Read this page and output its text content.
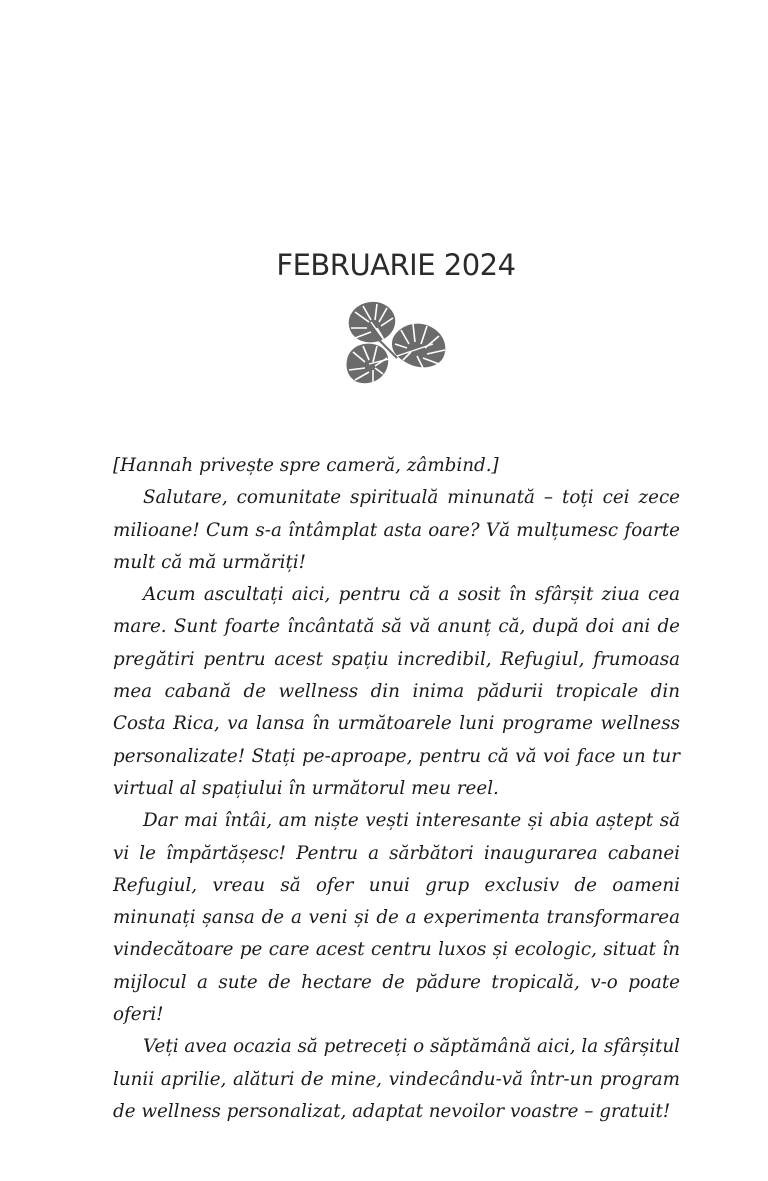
FEBRUARIE 2024

[Hannah privește spre cameră, zâmbind.]

Salutare, comunitate spirituală minunată – toți cei zece milioane! Cum s-a întâmplat asta oare? Vă mulțumesc foarte mult că mă urmăriți!

Acum ascultați aici, pentru că a sosit în sfârșit ziua cea mare. Sunt foarte încântată să vă anunț că, după doi ani de pregătiri pentru acest spațiu incredibil, Refugiul, frumoasa mea cabană de wellness din inima pădurii tropicale din Costa Rica, va lansa în următoarele luni programe wellness personalizate! Stați pe-aproape, pentru că vă voi face un tur virtual al spațiului în următorul meu reel.

Dar mai întâi, am niște vești interesante și abia aștept să vi le împărtășesc! Pentru a sărbători inaugurarea cabanei Refugiul, vreau să ofer unui grup exclusiv de oameni minunați șansa de a veni și de a experimenta transformarea vindecătoare pe care acest centru luxos și ecologic, situat în mijlocul a sute de hectare de pădure tropicală, v-o poate oferi!

Veți avea ocazia să petreceți o săptămână aici, la sfârșitul lunii aprilie, alături de mine, vindecându-vă într-un program de wellness personalizat, adaptat nevoilor voastre – gratuit!
